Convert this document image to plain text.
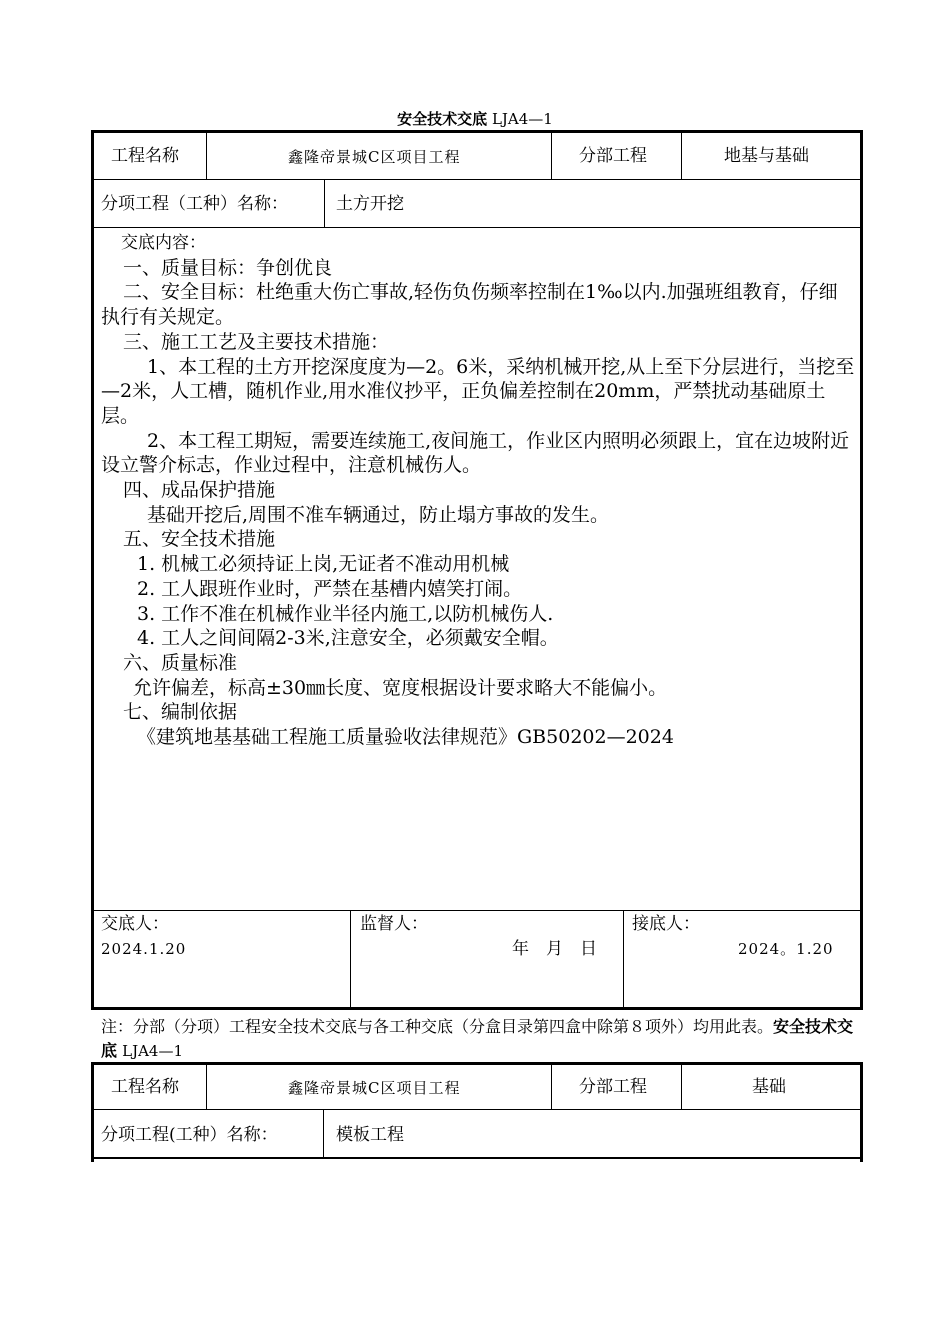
安全技术交底 LJA4—1
工程名称	鑫隆帝景城C区项目工程	分部工程	地基与基础
分项工程（工种）名称：	土方开挖

交底内容：

一、质量目标：争创优良

二、安全目标：杜绝重大伤亡事故,轻伤负伤频率控制在1‰以内.加强班组教育，仔细执行有关规定。

三、施工工艺及主要技术措施：

1、本工程的土方开挖深度度为—2。6米，采纳机械开挖,从上至下分层进行，当挖至—2米，人工槽，随机作业,用水准仪抄平，正负偏差控制在20mm，严禁扰动基础原土层。

2、本工程工期短，需要连续施工,夜间施工，作业区内照明必须跟上，宜在边坡附近设立警介标志，作业过程中，注意机械伤人。

四、成品保护措施

基础开挖后,周围不准车辆通过，防止塌方事故的发生。

五、安全技术措施

1. 机械工必须持证上岗,无证者不准动用机械

2. 工人跟班作业时，严禁在基槽内嬉笑打闹。

3. 工作不准在机械作业半径内施工,以防机械伤人.

4. 工人之间间隔2-3米,注意安全，必须戴安全帽。

六、质量标准

允许偏差，标高±30㎜长度、宽度根据设计要求略大不能偏小。

七、编制依据

《建筑地基基础工程施工质量验收法律规范》GB50202—2024

交底人：
2024.1.20
监督人：
年　月　日
接底人：
2024。1.20
注：分部（分项）工程安全技术交底与各工种交底（分盒目录第四盒中除第８项外）均用此表。安全技术交底 LJA4—1
工程名称	鑫隆帝景城C区项目工程	分部工程	基础
分项工程(工种）名称：	模板工程
